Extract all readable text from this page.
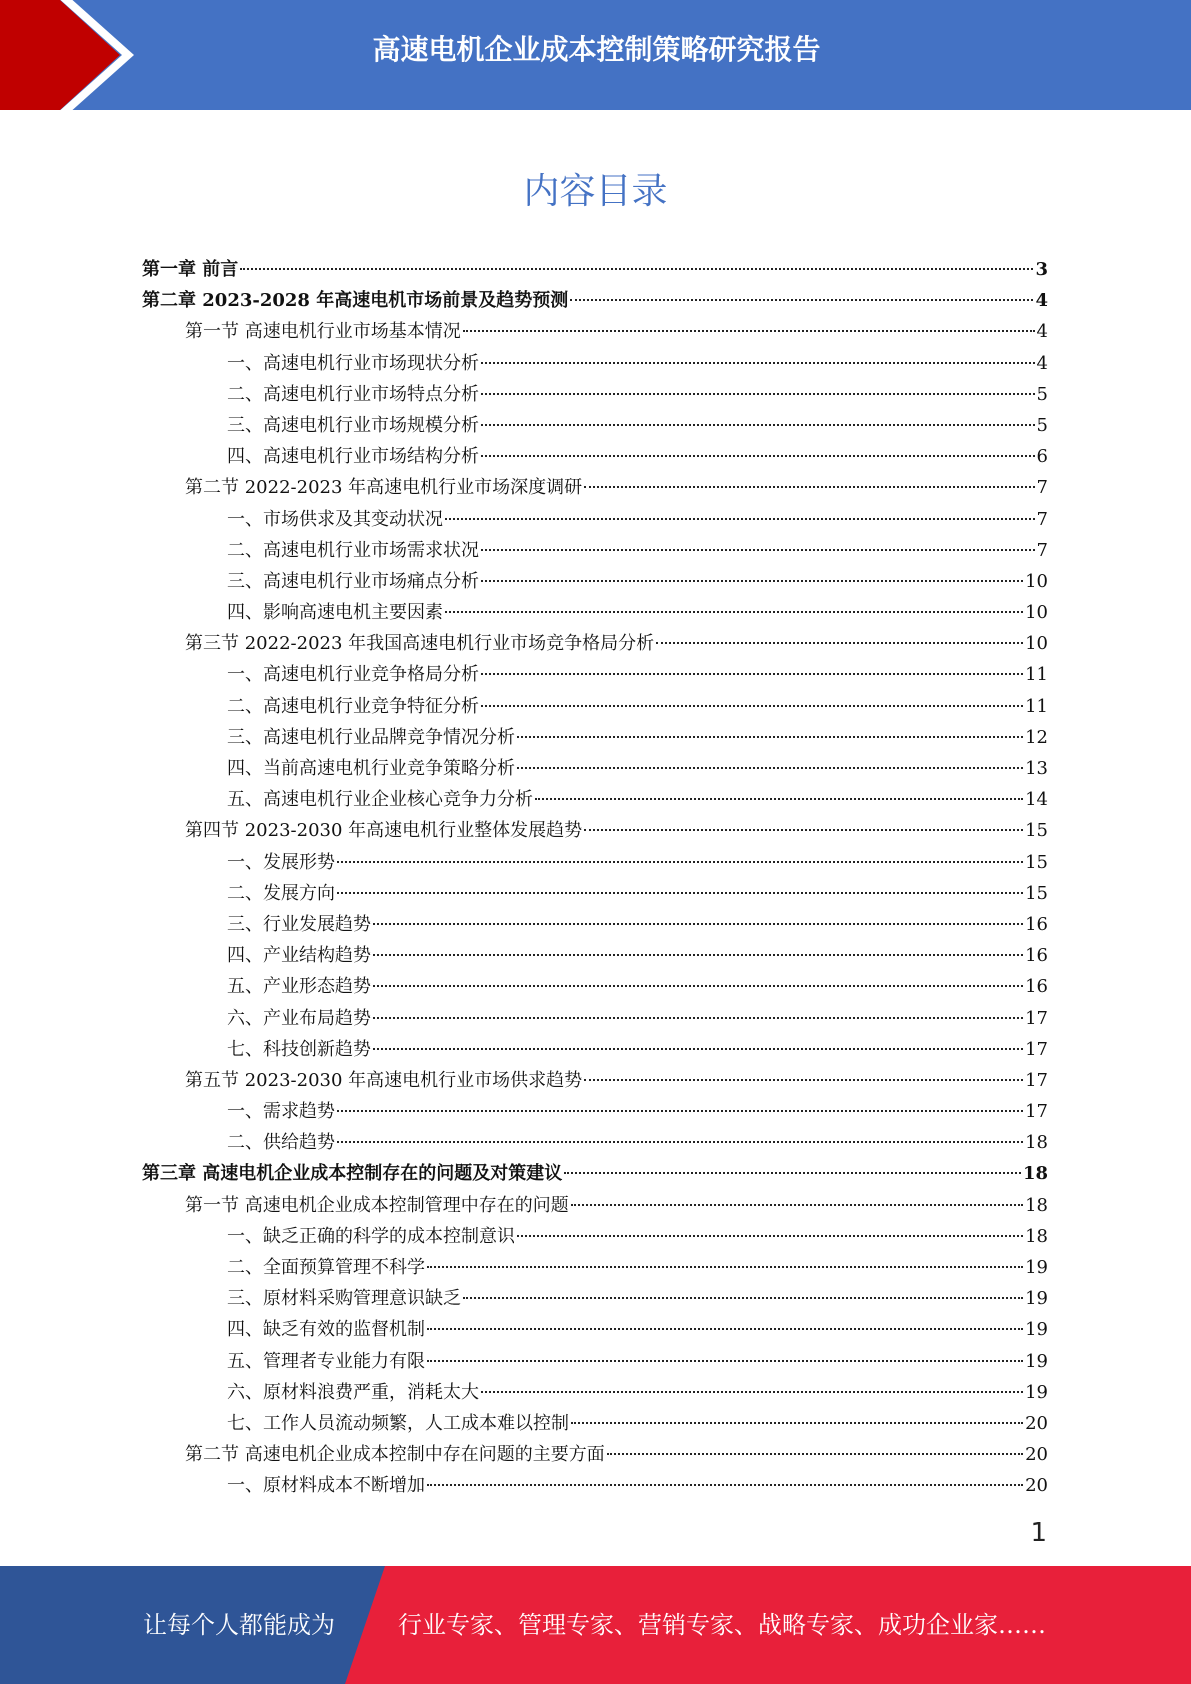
高速电机企业成本控制策略研究报告
内容目录
第一章 前言	3
第二章 2023-2028 年高速电机市场前景及趋势预测	4
第一节 高速电机行业市场基本情况	4
一、高速电机行业市场现状分析	4
二、高速电机行业市场特点分析	5
三、高速电机行业市场规模分析	5
四、高速电机行业市场结构分析	6
第二节 2022-2023 年高速电机行业市场深度调研	7
一、市场供求及其变动状况	7
二、高速电机行业市场需求状况	7
三、高速电机行业市场痛点分析	10
四、影响高速电机主要因素	10
第三节 2022-2023 年我国高速电机行业市场竞争格局分析	10
一、高速电机行业竞争格局分析	11
二、高速电机行业竞争特征分析	11
三、高速电机行业品牌竞争情况分析	12
四、当前高速电机行业竞争策略分析	13
五、高速电机行业企业核心竞争力分析	14
第四节 2023-2030 年高速电机行业整体发展趋势	15
一、发展形势	15
二、发展方向	15
三、行业发展趋势	16
四、产业结构趋势	16
五、产业形态趋势	16
六、产业布局趋势	17
七、科技创新趋势	17
第五节 2023-2030 年高速电机行业市场供求趋势	17
一、需求趋势	17
二、供给趋势	18
第三章 高速电机企业成本控制存在的问题及对策建议	18
第一节 高速电机企业成本控制管理中存在的问题	18
一、缺乏正确的科学的成本控制意识	18
二、全面预算管理不科学	19
三、原材料采购管理意识缺乏	19
四、缺乏有效的监督机制	19
五、管理者专业能力有限	19
六、原材料浪费严重，消耗太大	19
七、工作人员流动频繁，人工成本难以控制	20
第二节 高速电机企业成本控制中存在问题的主要方面	20
一、原材料成本不断增加	20
1
让每个人都能成为	行业专家、管理专家、营销专家、战略专家、成功企业家……
